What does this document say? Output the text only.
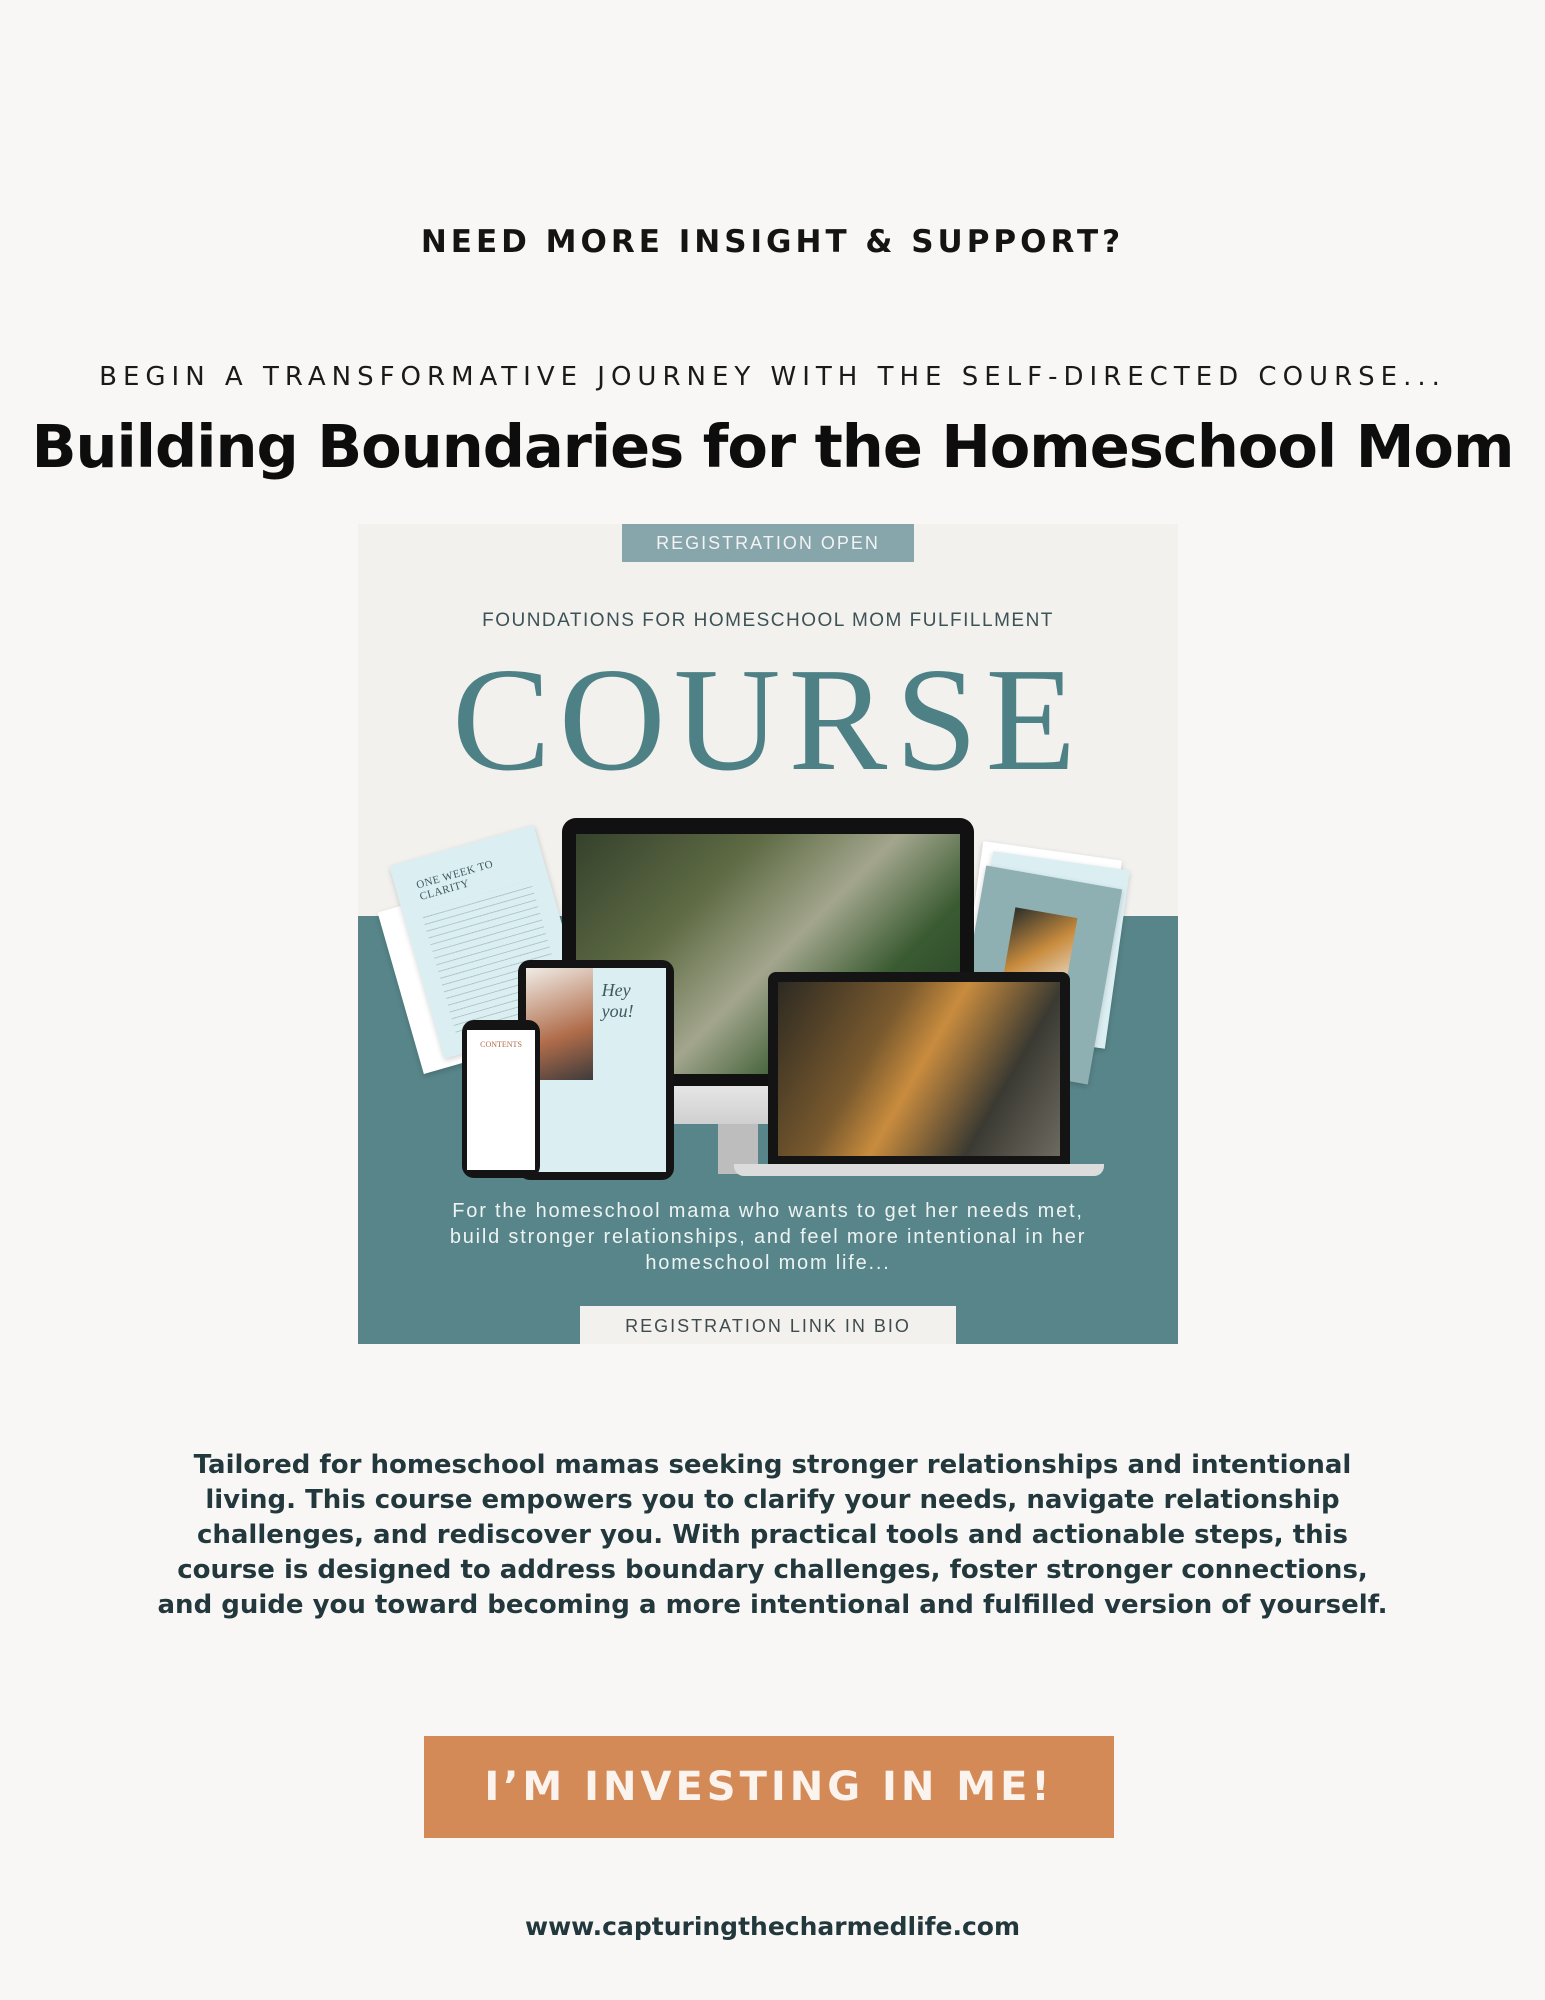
NEED MORE INSIGHT & SUPPORT?
BEGIN A TRANSFORMATIVE JOURNEY WITH THE SELF-DIRECTED COURSE...
Building Boundaries for the Homeschool Mom
REGISTRATION OPEN
FOUNDATIONS FOR HOMESCHOOL MOM FULFILLMENT
COURSE
ONE WEEK TO CLARITY
Hey you!
CONTENTS
For the homeschool mama who wants to get her needs met, build stronger relationships, and feel more intentional in her homeschool mom life...
REGISTRATION LINK IN BIO
Tailored for homeschool mamas seeking stronger relationships and intentional living. This course empowers you to clarify your needs, navigate relationship challenges, and rediscover you. With practical tools and actionable steps, this course is designed to address boundary challenges, foster stronger connections, and guide you toward becoming a more intentional and fulfilled version of yourself.
I’M INVESTING IN ME!
www.capturingthecharmedlife.com
